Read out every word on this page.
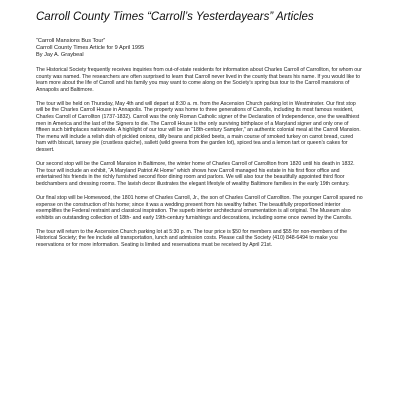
Carroll County Times “Carroll’s Yesterdayears” Articles
“Carroll Mansions Bus Tour”
Carroll County Times Article for 9 April 1995
By Jay A. Graybeal

The Historical Society frequently receives inquiries from out-of-state residents for information about Charles Carroll of Carrollton, for whom our county was named. The researchers are often surprised to learn that Carroll never lived in the county that bears his name. If you would like to learn more about the life of Carroll and his family you may want to come along on the Society’s spring bus tour to the Carroll mansions of Annapolis and Baltimore.

The tour will be held on Thursday, May 4th and will depart at 8:30 a. m. from the Ascension Church parking lot in Westminster. Our first stop will be the Charles Carroll House in Annapolis. The property was home to three generations of Carrolls, including its most famous resident, Charles Carroll of Carrollton (1737-1832). Carroll was the only Roman Catholic signer of the Declaration of Independence, one the wealthiest men in America and the last of the Signers to die. The Carroll House is the only surviving birthplace of a Maryland signer and only one of fifteen such birthplaces nationwide. A highlight of our tour will be an “18th-century Sampler,” an authentic colonial meal at the Carroll Mansion. The menu will include a relish dish of pickled onions, dilly beans and pickled beets, a main course of smoked turkey on carrot bread, cured ham with biscuit, tansey pie (crustless quiche), sallett (wild greens from the garden lot), spiced tea and a lemon tart or queen’s cakes for dessert.

Our second stop will be the Carroll Mansion in Baltimore, the winter home of Charles Carroll of Carrollton from 1820 until his death in 1832. The tour will include an exhibit, “A Maryland Patriot At Home” which shows how Carroll managed his estate in his first floor office and entertained his friends in the richly furnished second floor dining room and parlors. We will also tour the beautifully appointed third floor bedchambers and dressing rooms. The lavish decor illustrates the elegant lifestyle of wealthy Baltimore families in the early 19th century.

Our final stop will be Homewood, the 1801 home of Charles Carroll, Jr., the son of Charles Carroll of Carrollton. The younger Carroll spared no expense on the construction of his home; since it was a wedding present from his wealthy father. The beautifully proportioned interior exemplifies the Federal restraint and classical inspiration. The superb interior architectural ornamentation is all original. The Museum also exhibits an outstanding collection of 18th- and early 19th-century furnishings and decorations, including some once owned by the Carrolls.

The tour will return to the Ascension Church parking lot at 5:30 p. m. The tour price is $50 for members and $55 for non-members of the Historical Society; the fee include all transportation, lunch and admission costs. Please call the Society (410) 848-6494 to make you reservations or for more information. Seating is limited and reservations must be received by April 21st.
